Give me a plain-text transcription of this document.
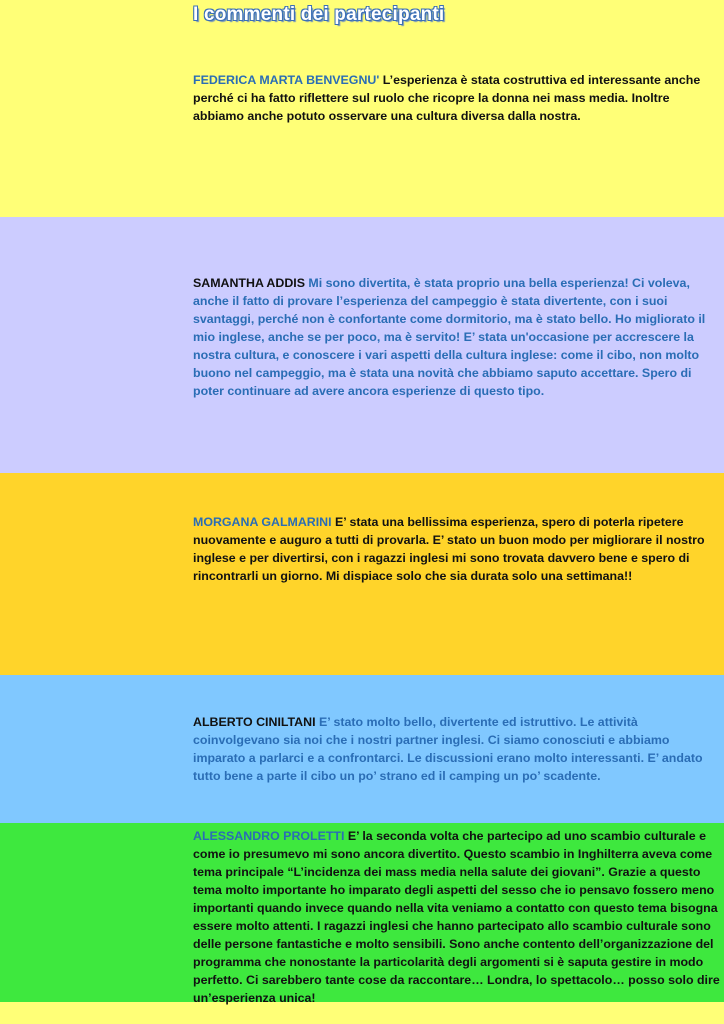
I commenti dei partecipanti

FEDERICA MARTA BENVEGNU' L’esperienza è stata costruttiva ed interessante anche perché ci ha fatto riflettere sul ruolo che ricopre la donna nei mass media. Inoltre abbiamo anche potuto osservare una cultura diversa dalla nostra.

SAMANTHA ADDIS Mi sono divertita, è stata proprio una bella esperienza! Ci voleva, anche il fatto di provare l’esperienza del campeggio è stata divertente, con i suoi svantaggi, perché non è confortante come dormitorio, ma è stato bello. Ho migliorato il mio inglese, anche se per poco, ma è servito! E’ stata un'occasione per accrescere la nostra cultura, e conoscere i vari aspetti della cultura inglese: come il cibo, non molto buono nel campeggio, ma è stata una novità che abbiamo saputo accettare. Spero di poter continuare ad avere ancora esperienze di questo tipo.

MORGANA GALMARINI E’ stata una bellissima esperienza, spero di poterla ripetere nuovamente e auguro a tutti di provarla. E’ stato un buon modo per migliorare il nostro inglese e per divertirsi, con i ragazzi inglesi mi sono trovata davvero bene e spero di rincontrarli un giorno. Mi dispiace solo che sia durata solo una settimana!!

ALBERTO CINILTANI E’ stato molto bello, divertente ed istruttivo. Le attività coinvolgevano sia noi che i nostri partner inglesi. Ci siamo conosciuti e abbiamo imparato a parlarci e a confrontarci. Le discussioni erano molto interessanti. E’ andato tutto bene a parte il cibo un po’ strano ed il camping un po’ scadente.

ALESSANDRO PROLETTI E’ la seconda volta che partecipo ad uno scambio culturale e come io presumevo mi sono ancora divertito. Questo scambio in Inghilterra aveva come tema principale “L’incidenza dei mass media nella salute dei giovani”. Grazie a questo tema molto importante ho imparato degli aspetti del sesso che io pensavo fossero meno importanti quando invece quando nella vita veniamo a contatto con questo tema bisogna essere molto attenti. I ragazzi inglesi che hanno partecipato allo scambio culturale sono delle persone fantastiche e molto sensibili. Sono anche contento dell’organizzazione del programma che nonostante la particolarità degli argomenti si è saputa gestire in modo perfetto. Ci sarebbero tante cose da raccontare… Londra, lo spettacolo… posso solo dire un’esperienza unica!
